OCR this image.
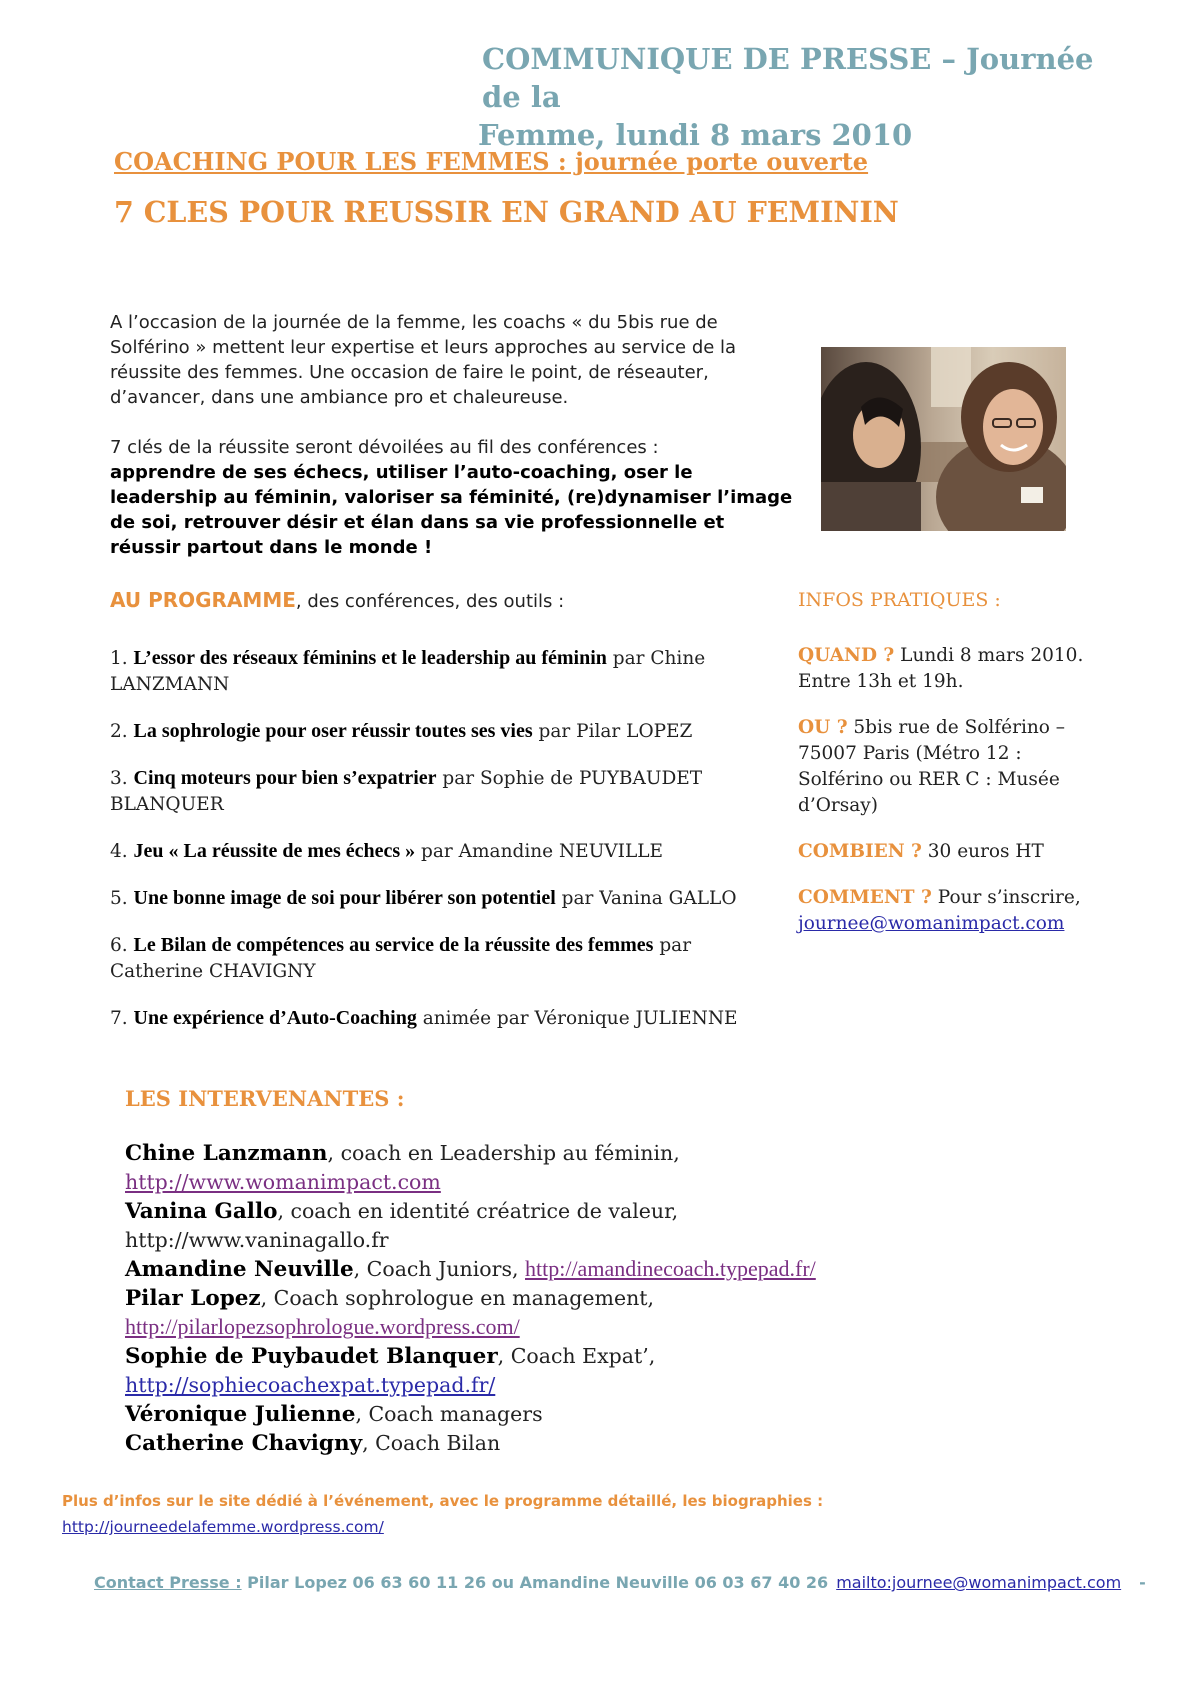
COMMUNIQUE DE PRESSE – Journée de la
Femme, lundi 8 mars 2010
COACHING POUR LES FEMMES : journée porte ouverte
7 CLES POUR REUSSIR EN GRAND AU FEMININ

A l’occasion de la journée de la femme, les coachs « du 5bis rue de Solférino » mettent leur expertise et leurs approches au service de la réussite des femmes. Une occasion de faire le point, de réseauter, d’avancer, dans une ambiance pro et chaleureuse.

7 clés de la réussite seront dévoilées au fil des conférences :
apprendre de ses échecs, utiliser l’auto-coaching, oser le leadership au féminin, valoriser sa féminité, (re)dynamiser l’image de soi, retrouver désir et élan dans sa vie professionnelle et réussir partout dans le monde !

AU PROGRAMME, des conférences, des outils :
1. L’essor des réseaux féminins et le leadership au féminin par Chine LANZMANN
2. La sophrologie pour oser réussir toutes ses vies par Pilar LOPEZ
3. Cinq moteurs pour bien s’expatrier par Sophie de PUYBAUDET BLANQUER
4. Jeu « La réussite de mes échecs » par Amandine NEUVILLE
5. Une bonne image de soi pour libérer son potentiel par Vanina GALLO
6. Le Bilan de compétences au service de la réussite des femmes par Catherine CHAVIGNY
7. Une expérience d’Auto-Coaching animée par Véronique JULIENNE
INFOS PRATIQUES :
QUAND ? Lundi 8 mars 2010. Entre 13h et 19h.
OU ? 5bis rue de Solférino – 75007 Paris (Métro 12 : Solférino ou RER C : Musée d’Orsay)
COMBIEN ? 30 euros HT
COMMENT ? Pour s’inscrire,
journee@womanimpact.com
LES INTERVENANTES :
Chine Lanzmann, coach en Leadership au féminin,
http://www.womanimpact.com
Vanina Gallo, coach en identité créatrice de valeur,
http://www.vaninagallo.fr
Amandine Neuville, Coach Juniors, http://amandinecoach.typepad.fr/
Pilar Lopez, Coach sophrologue en management,
http://pilarlopezsophrologue.wordpress.com/
Sophie de Puybaudet Blanquer, Coach Expat’,
http://sophiecoachexpat.typepad.fr/
Véronique Julienne, Coach managers
Catherine Chavigny, Coach Bilan
Plus d’infos sur le site dédié à l’événement, avec le programme détaillé, les biographies :
http://journeedelafemme.wordpress.com/
Contact Presse : Pilar Lopez 06 63 60 11 26 ou Amandine Neuville 06 03 67 40 26 mailto:journee@womanimpact.com -
